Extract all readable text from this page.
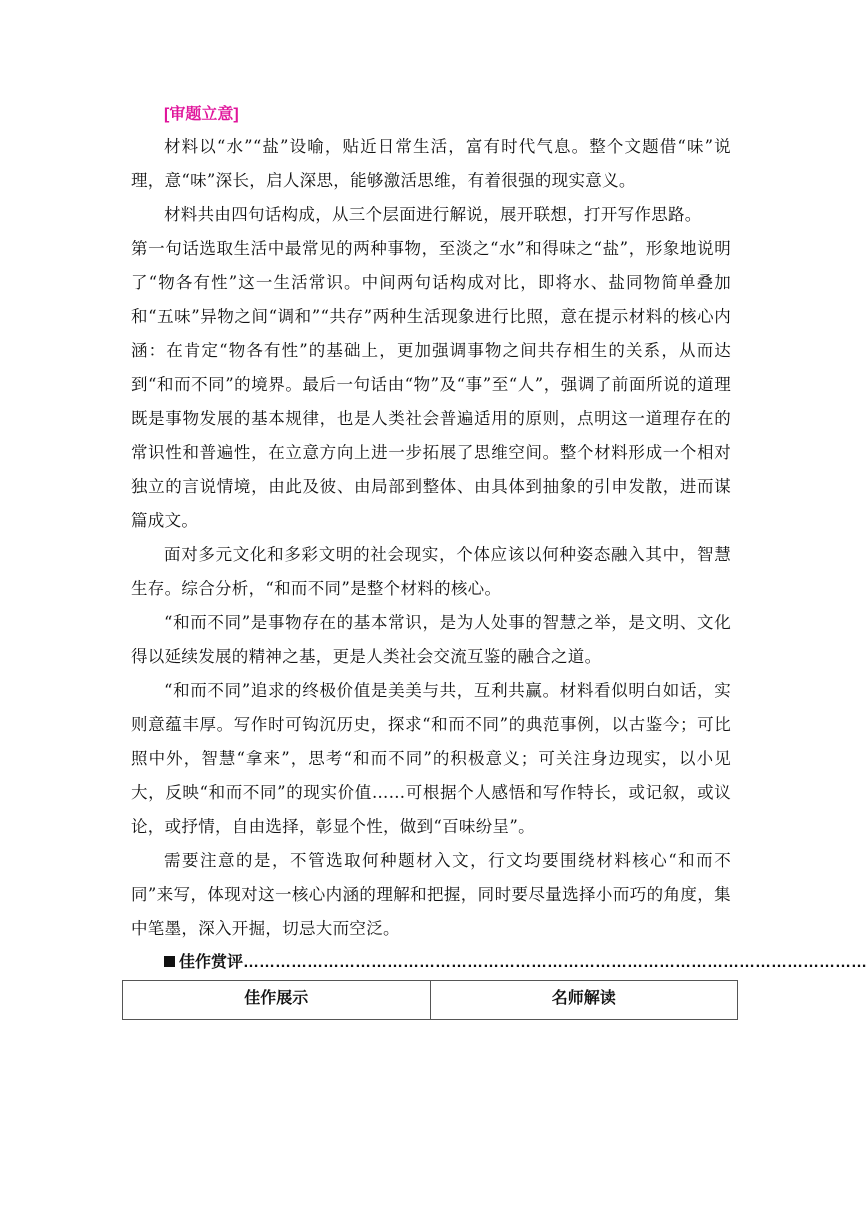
[审题立意]

材料以“水”“盐”设喻，贴近日常生活，富有时代气息。整个文题借“味”说理，意“味”深长，启人深思，能够激活思维，有着很强的现实意义。

材料共由四句话构成，从三个层面进行解说，展开联想，打开写作思路。

第一句话选取生活中最常见的两种事物，至淡之“水”和得味之“盐”，形象地说明了“物各有性”这一生活常识。中间两句话构成对比，即将水、盐同物简单叠加和“五味”异物之间“调和”“共存”两种生活现象进行比照，意在提示材料的核心内涵：在肯定“物各有性”的基础上，更加强调事物之间共存相生的关系，从而达到“和而不同”的境界。最后一句话由“物”及“事”至“人”，强调了前面所说的道理既是事物发展的基本规律，也是人类社会普遍适用的原则，点明这一道理存在的常识性和普遍性，在立意方向上进一步拓展了思维空间。整个材料形成一个相对独立的言说情境，由此及彼、由局部到整体、由具体到抽象的引申发散，进而谋篇成文。

面对多元文化和多彩文明的社会现实，个体应该以何种姿态融入其中，智慧生存。综合分析，“和而不同”是整个材料的核心。

“和而不同”是事物存在的基本常识，是为人处事的智慧之举，是文明、文化得以延续发展的精神之基，更是人类社会交流互鉴的融合之道。

“和而不同”追求的终极价值是美美与共，互利共赢。材料看似明白如话，实则意蕴丰厚。写作时可钩沉历史，探求“和而不同”的典范事例，以古鉴今；可比照中外，智慧“拿来”，思考“和而不同”的积极意义；可关注身边现实，以小见大，反映“和而不同”的现实价值……可根据个人感悟和写作特长，或记叙，或议论，或抒情，自由选择，彰显个性，做到“百味纷呈”。

需要注意的是，不管选取何种题材入文，行文均要围绕材料核心“和而不同”来写，体现对这一核心内涵的理解和把握，同时要尽量选择小而巧的角度，集中笔墨，深入开掘，切忌大而空泛。

佳作赏评………………………………………………………………………………………………………
佳作展示	名师解读
